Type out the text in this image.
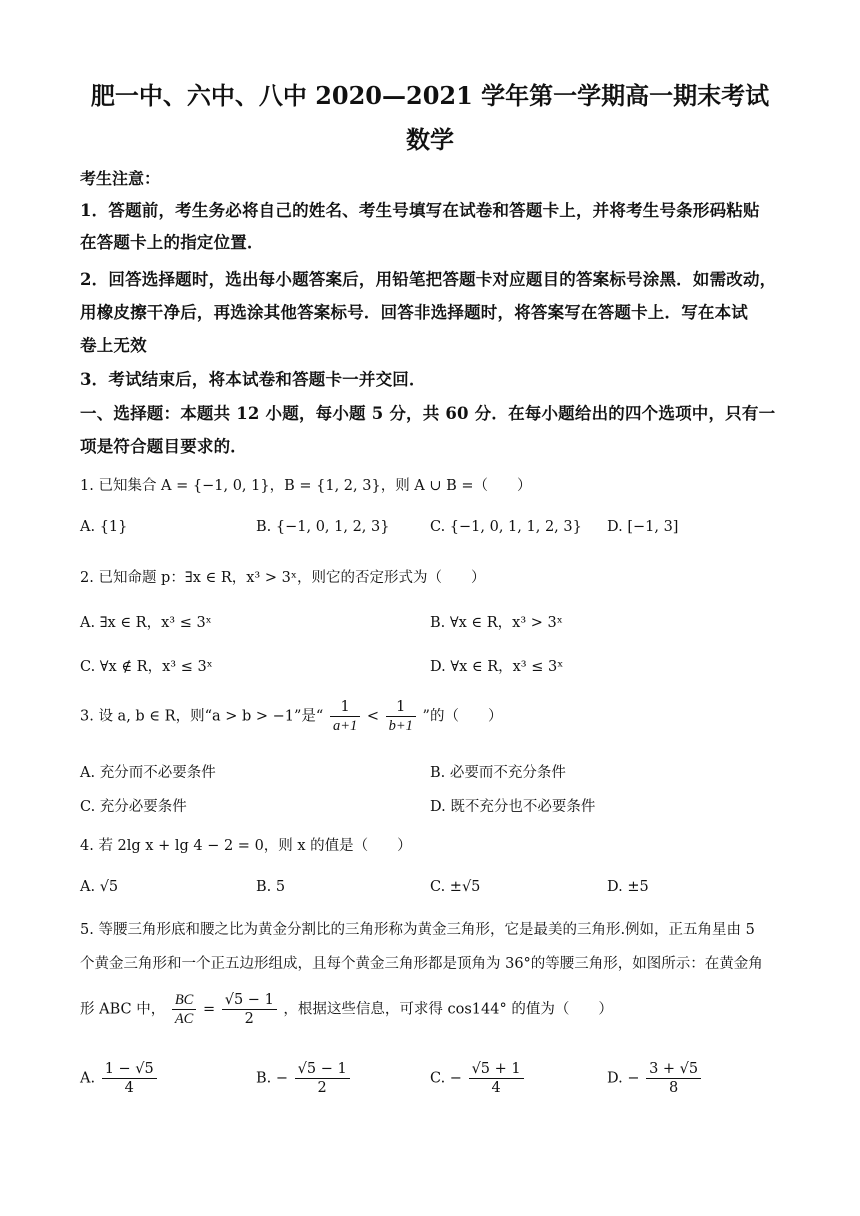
肥一中、六中、八中 2020—2021 学年第一学期高一期末考试
数学
考生注意：
1．答题前，考生务必将自己的姓名、考生号填写在试卷和答题卡上，并将考生号条形码粘贴
在答题卡上的指定位置．
2．回答选择题时，选出每小题答案后，用铅笔把答题卡对应题目的答案标号涂黑．如需改动，
用橡皮擦干净后，再选涂其他答案标号．回答非选择题时，将答案写在答题卡上．写在本试
卷上无效
3．考试结束后，将本试卷和答题卡一并交回．
一、选择题：本题共 12 小题，每小题 5 分，共 60 分．在每小题给出的四个选项中，只有一
项是符合题目要求的．
1. 已知集合 A = {−1, 0, 1}，B = {1, 2, 3}，则 A ∪ B =（　　）
A. {1}	B. {−1, 0, 1, 2, 3}	C. {−1, 0, 1, 1, 2, 3} D. [−1, 3]
2. 已知命题 p：∃x ∈ R，x³ > 3ˣ，则它的否定形式为（　　）
A. ∃x ∈ R，x³ ≤ 3ˣ	B. ∀x ∈ R，x³ > 3ˣ
C. ∀x ∉ R，x³ ≤ 3ˣ	D. ∀x ∈ R，x³ ≤ 3ˣ
3. 设 a, b ∈ R，则“a > b > −1”是“ $\frac{1}{a+1} < \frac{1}{b+1}$ ”的（　　）
A. 充分而不必要条件	B. 必要而不充分条件
C. 充分必要条件	D. 既不充分也不必要条件
4. 若 2lg x + lg 4 − 2 = 0，则 x 的值是（　　）
A. √5	B. 5	C. ±√5	D. ±5
5. 等腰三角形底和腰之比为黄金分割比的三角形称为黄金三角形，它是最美的三角形.例如，正五角星由 5
个黄金三角形和一个正五边形组成，且每个黄金三角形都是顶角为 36°的等腰三角形，如图所示：在黄金角
形 ABC 中， $\frac{BC}{AC} = \frac{√5 - 1}{2}$ ，根据这些信息，可求得 cos144° 的值为（　　）
A. $\frac{1 - √5}{4}$	B. − $\frac{√5 - 1}{2}$	C. − $\frac{√5 + 1}{4}$	D. − $\frac{3 + √5}{8}$
